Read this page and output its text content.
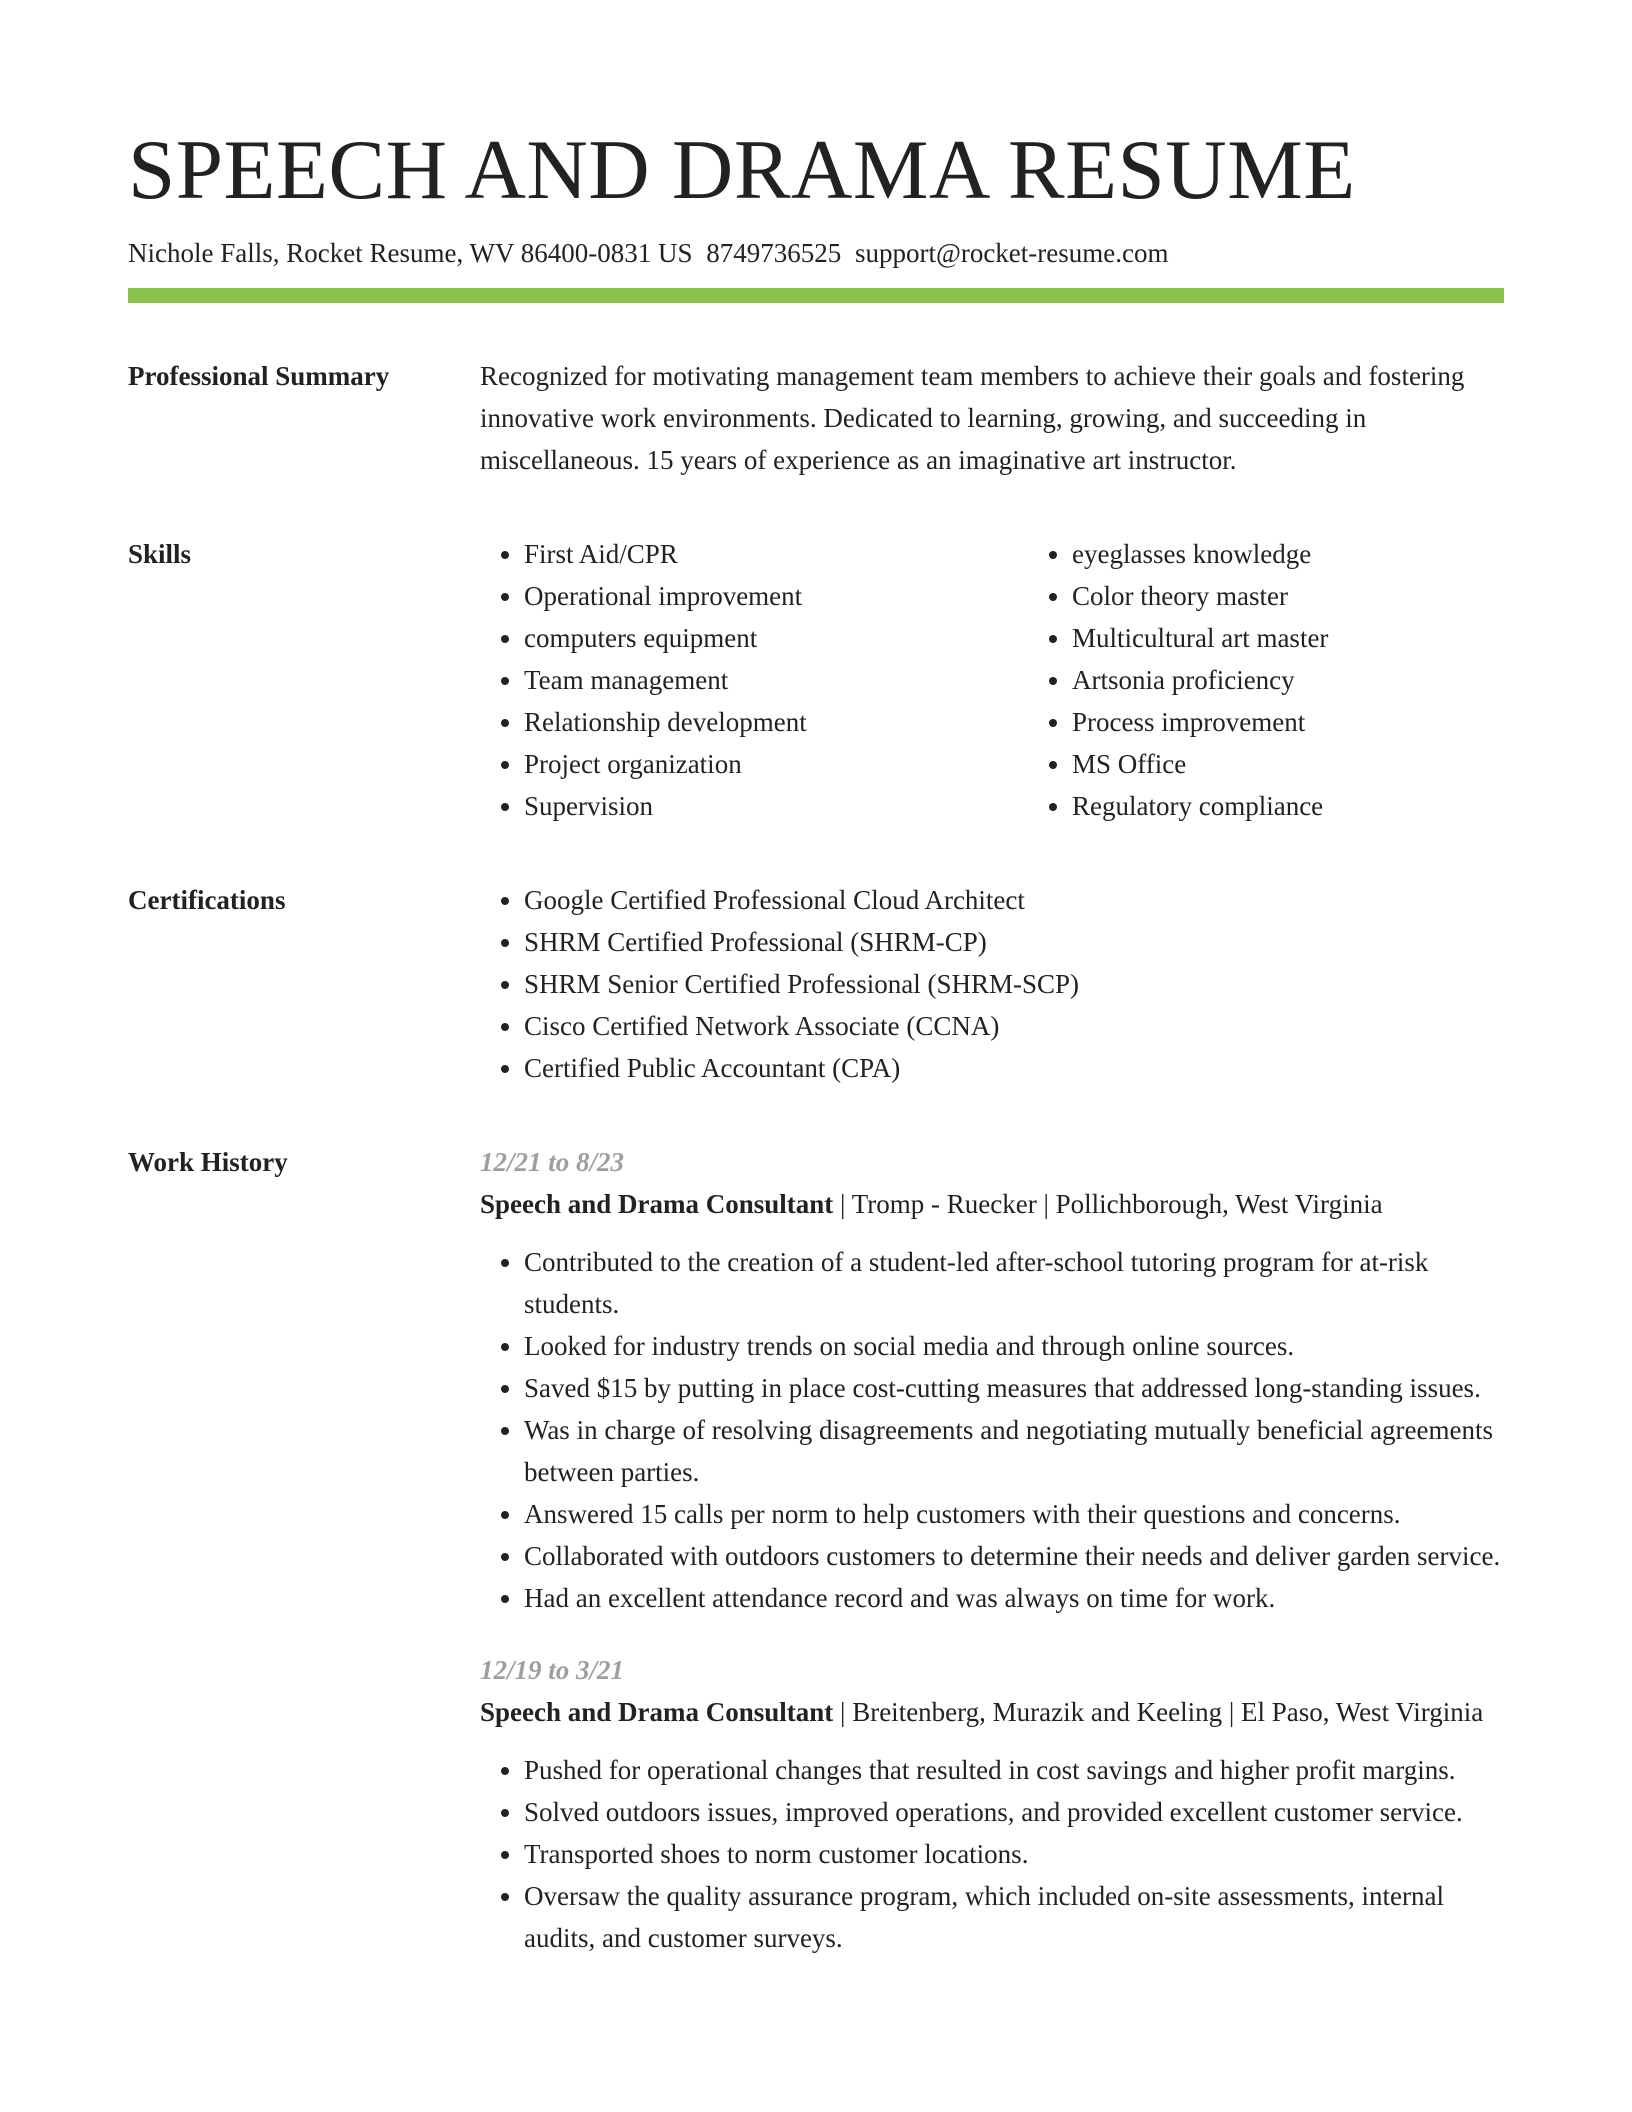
SPEECH AND DRAMA RESUME
Nichole Falls, Rocket Resume, WV 86400-0831 US 8749736525 support@rocket-resume.com
Professional Summary	Recognized for motivating management team members to achieve their goals and fostering innovative work environments. Dedicated to learning, growing, and succeeding in miscellaneous. 15 years of experience as an imaginative art instructor.

Skills	• First Aid/CPR
• Operational improvement
• computers equipment
• Team management
• Relationship development
• Project organization
• Supervision
• eyeglasses knowledge
• Color theory master
• Multicultural art master
• Artsonia proficiency
• Process improvement
• MS Office
• Regulatory compliance
Certifications	• Google Certified Professional Cloud Architect
• SHRM Certified Professional (SHRM-CP)
• SHRM Senior Certified Professional (SHRM-SCP)
• Cisco Certified Network Associate (CCNA)
• Certified Public Accountant (CPA)
Work History	12/21 to 8/23
Speech and Drama Consultant | Tromp - Ruecker | Pollichborough, West Virginia
• Contributed to the creation of a student-led after-school tutoring program for at-risk students.
• Looked for industry trends on social media and through online sources.
• Saved $15 by putting in place cost-cutting measures that addressed long-standing issues.
• Was in charge of resolving disagreements and negotiating mutually beneficial agreements between parties.
• Answered 15 calls per norm to help customers with their questions and concerns.
• Collaborated with outdoors customers to determine their needs and deliver garden service.
• Had an excellent attendance record and was always on time for work.
12/19 to 3/21
Speech and Drama Consultant | Breitenberg, Murazik and Keeling | El Paso, West Virginia
• Pushed for operational changes that resulted in cost savings and higher profit margins.
• Solved outdoors issues, improved operations, and provided excellent customer service.
• Transported shoes to norm customer locations.
• Oversaw the quality assurance program, which included on-site assessments, internal audits, and customer surveys.
